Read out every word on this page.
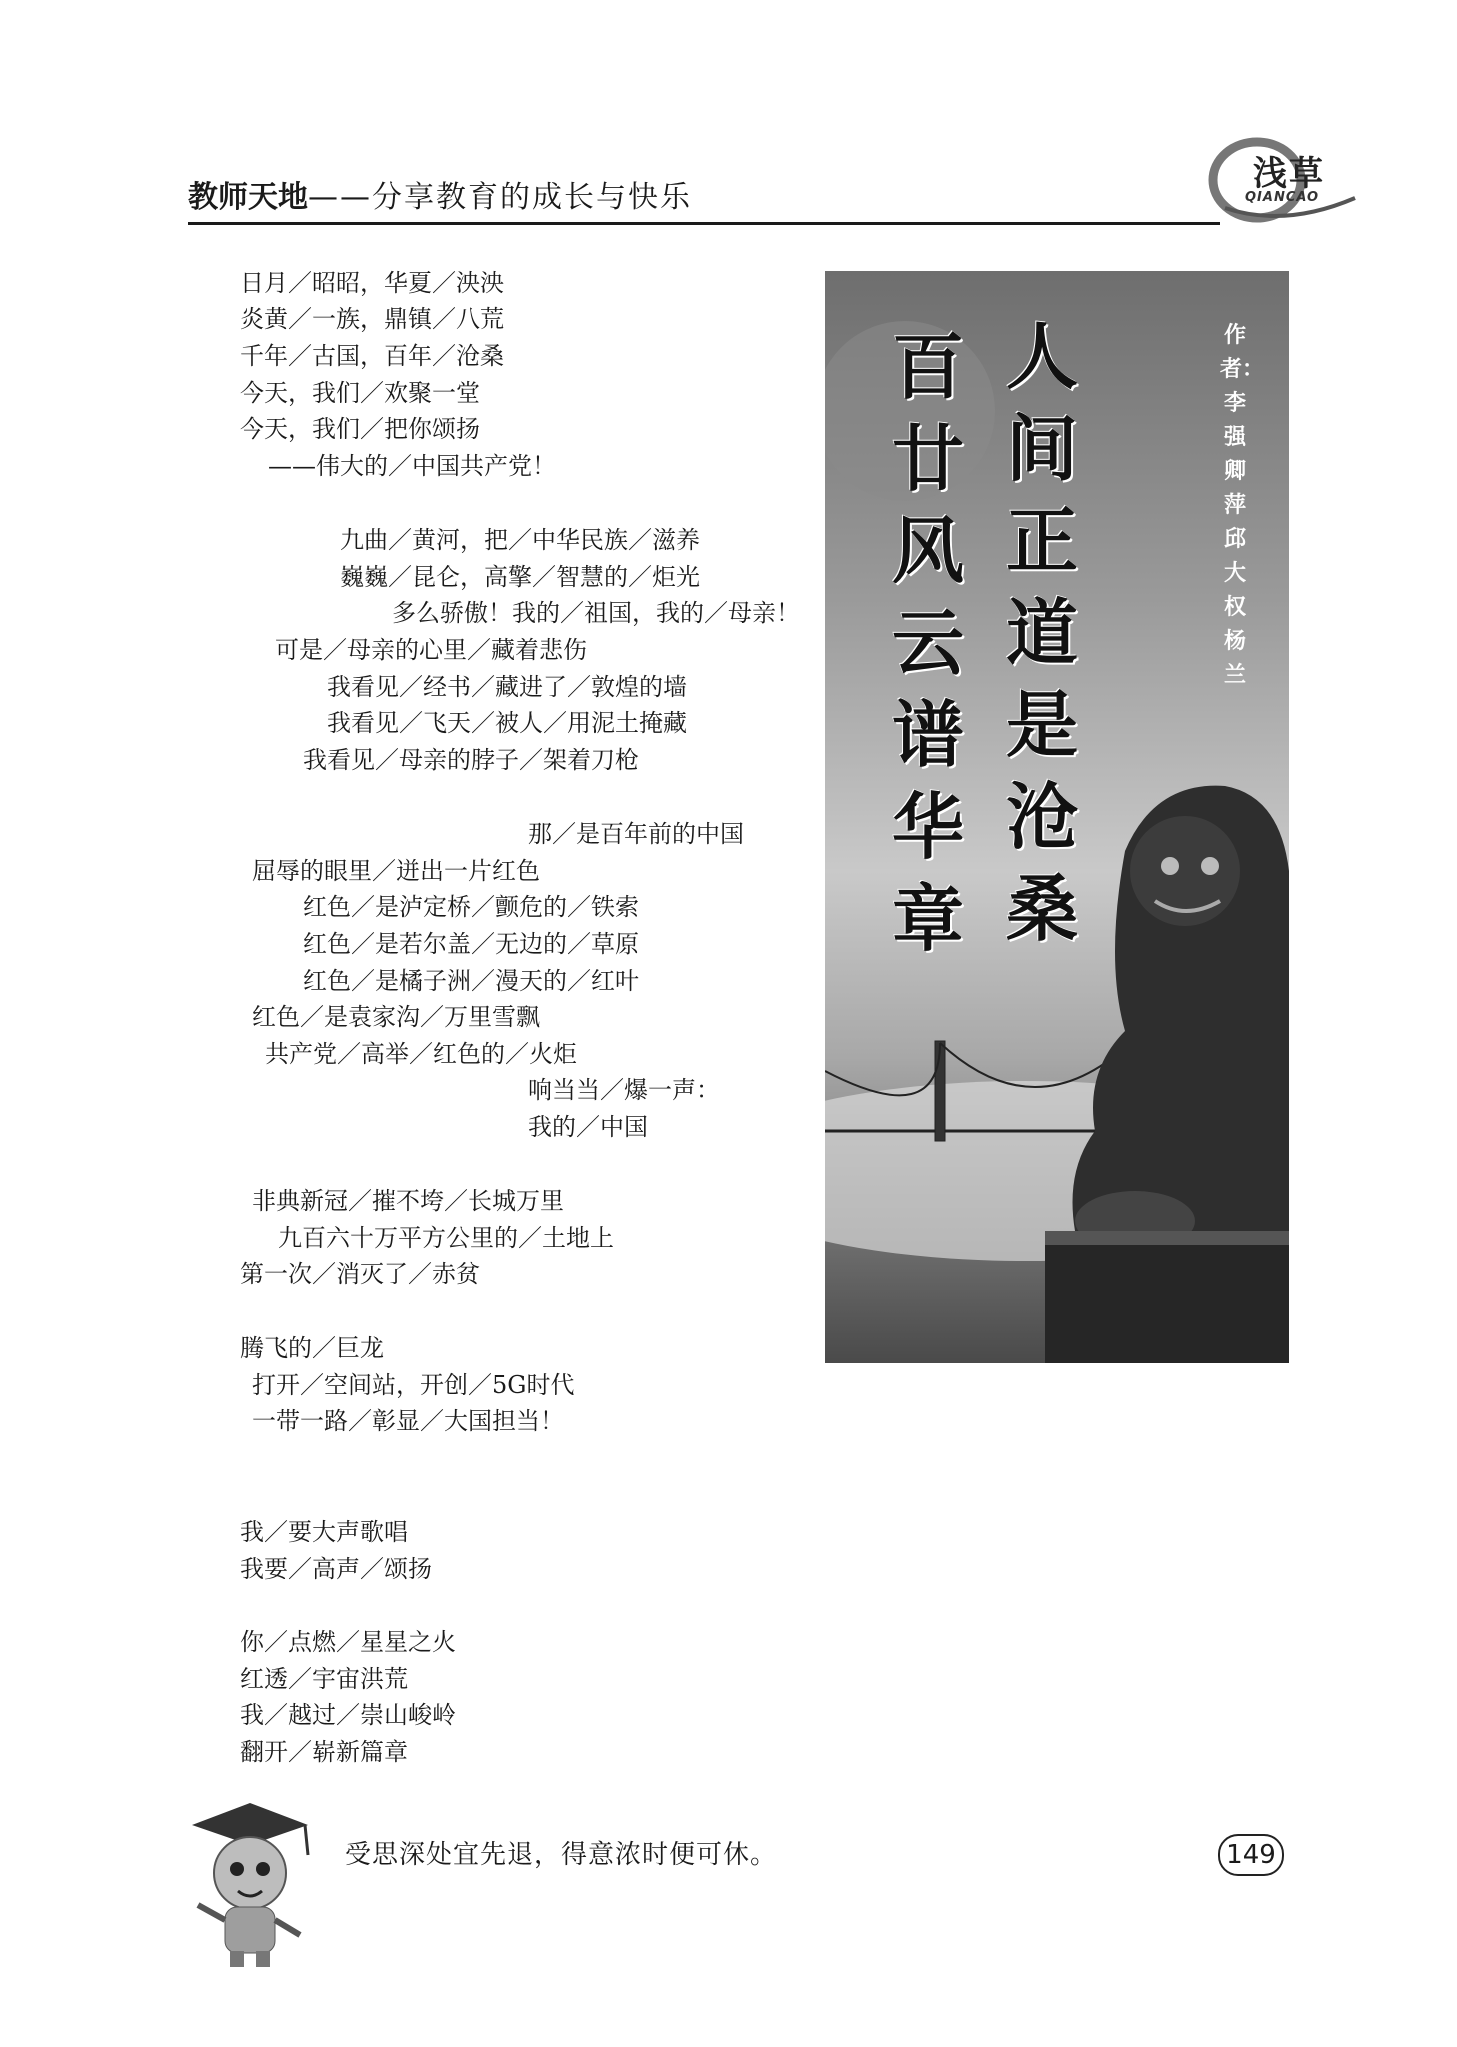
教师天地——分享教育的成长与快乐
浅草
QIANCAO
日月／昭昭，华夏／泱泱
炎黄／一族，鼎镇／八荒
千年／古国，百年／沧桑
今天，我们／欢聚一堂
今天，我们／把你颂扬
——伟大的／中国共产党！
九曲／黄河，把／中华民族／滋养
巍巍／昆仑，高擎／智慧的／炬光
多么骄傲！我的／祖国，我的／母亲！
可是／母亲的心里／藏着悲伤
我看见／经书／藏进了／敦煌的墙
我看见／飞天／被人／用泥土掩藏
我看见／母亲的脖子／架着刀枪
那／是百年前的中国
屈辱的眼里／迸出一片红色
红色／是泸定桥／颤危的／铁索
红色／是若尔盖／无边的／草原
红色／是橘子洲／漫天的／红叶
红色／是袁家沟／万里雪飘
共产党／高举／红色的／火炬
响当当／爆一声：
我的／中国
非典新冠／摧不垮／长城万里
九百六十万平方公里的／土地上
第一次／消灭了／赤贫
腾飞的／巨龙
打开／空间站，开创／5G时代
一带一路／彰显／大国担当！
我／要大声歌唱
我要／高声／颂扬
你／点燃／星星之火
红透／宇宙洪荒
我／越过／崇山峻岭
翻开／崭新篇章
人间正道是沧桑
百廿风云谱华章
作者：
李　强
卿　萍
邱大权
杨　兰
受思深处宜先退，得意浓时便可休。	149
